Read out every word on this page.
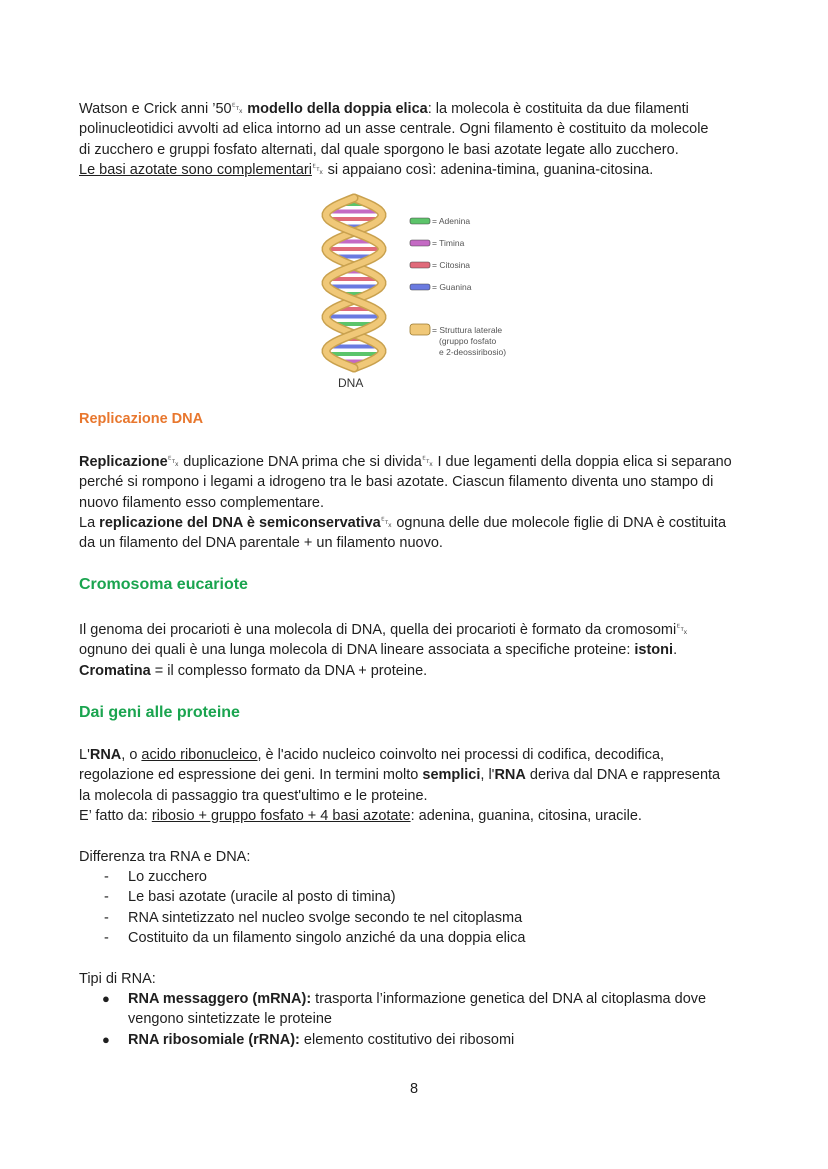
Watson e Crick anni ’50␃ modello della doppia elica: la molecola è costituita da due filamenti

polinucleotidici avvolti ad elica intorno ad un asse centrale. Ogni filamento è costituito da molecole

di zucchero e gruppi fosfato alternati, dal quale sporgono le basi azotate legate allo zucchero.

Le basi azotate sono complementari␃ si appaiano così: adenina-timina, guanina-citosina.

= Adenina
= Timina
= Citosina
= Guanina
= Struttura laterale
(gruppo fosfato
e 2-deossiribosio)
DNA
Replicazione DNA

Replicazione␃ duplicazione DNA prima che si divida␃ I due legamenti della doppia elica si separano

perché si rompono i legami a idrogeno tra le basi azotate. Ciascun filamento diventa uno stampo di

nuovo filamento esso complementare.

La replicazione del DNA è semiconservativa␃ ognuna delle due molecole figlie di DNA è costituita

da un filamento del DNA parentale + un filamento nuovo.

Cromosoma eucariote

Il genoma dei procarioti è una molecola di DNA, quella dei procarioti è formato da cromosomi␃

ognuno dei quali è una lunga molecola di DNA lineare associata a specifiche proteine: istoni.

Cromatina = il complesso formato da DNA + proteine.

Dai geni alle proteine

L'RNA, o acido ribonucleico, è l'acido nucleico coinvolto nei processi di codifica, decodifica,

regolazione ed espressione dei geni. In termini molto semplici, l'RNA deriva dal DNA e rappresenta

la molecola di passaggio tra quest'ultimo e le proteine.

E’ fatto da: ribosio + gruppo fosfato + 4 basi azotate: adenina, guanina, citosina, uracile.

Differenza tra RNA e DNA:

- Lo zucchero
- Le basi azotate (uracile al posto di timina)
- RNA sintetizzato nel nucleo svolge secondo te nel citoplasma
- Costituito da un filamento singolo anziché da una doppia elica

Tipi di RNA:

● RNA messaggero (mRNA): trasporta l’informazione genetica del DNA al citoplasma dove
vengono sintetizzate le proteine
● RNA ribosomiale (rRNA): elemento costitutivo dei ribosomi
8
